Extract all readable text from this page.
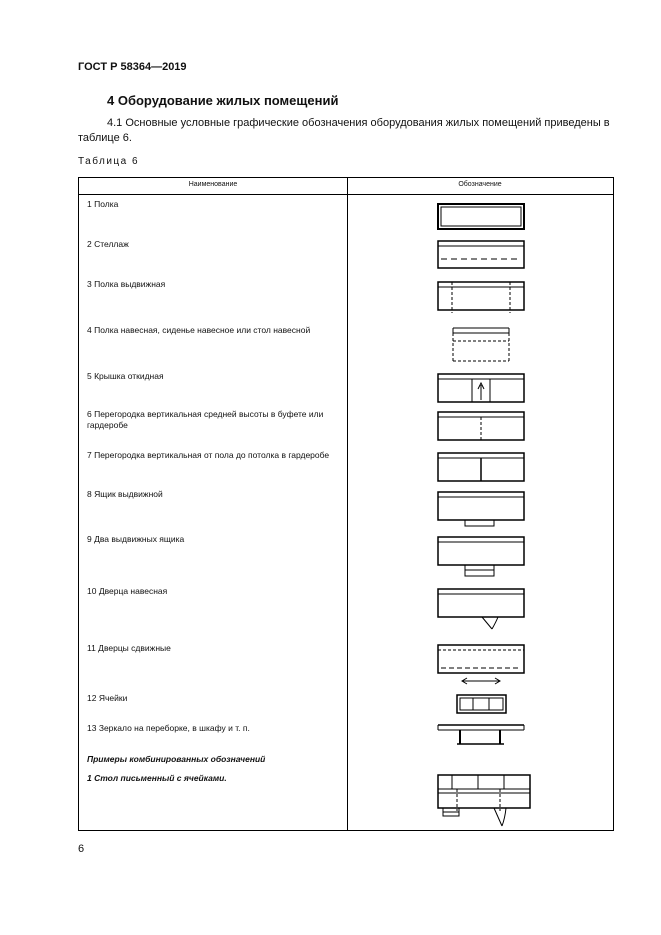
ГОСТ Р 58364—2019
4 Оборудование жилых помещений
4.1 Основные условные графические обозначения оборудования жилых помещений приведены в таблице 6.
Таблица 6
Наименование	Обозначение
1 Полка
2 Стеллаж
3 Полка выдвижная
4 Полка навесная, сиденье навесное или стол навесной
5 Крышка откидная
6 Перегородка вертикальная средней высоты в буфете или гардеробе
7 Перегородка вертикальная от пола до потолка в гардеробе
8 Ящик выдвижной
9 Два выдвижных ящика
10 Дверца навесная
11 Дверцы сдвижные
12 Ячейки
13 Зеркало на переборке, в шкафу и т. п.
Примеры комбинированных обозначений
1 Стол письменный с ячейками.
6
